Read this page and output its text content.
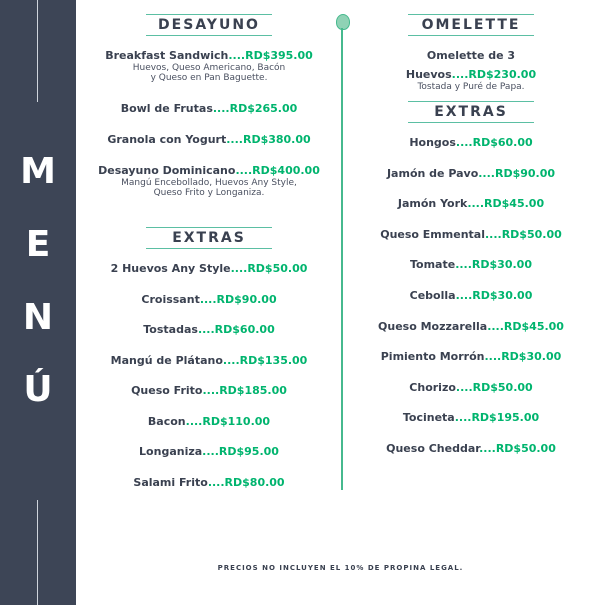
M
E
N
Ú
DESAYUNO
Breakfast Sandwich....RD$395.00
Huevos, Queso Americano, Bacón
y Queso en Pan Baguette.
Bowl de Frutas....RD$265.00
Granola con Yogurt....RD$380.00
Desayuno Dominicano....RD$400.00
Mangú Encebollado, Huevos Any Style,
Queso Frito y Longaniza.
EXTRAS
2 Huevos Any Style....RD$50.00
Croissant....RD$90.00
Tostadas....RD$60.00
Mangú de Plátano....RD$135.00
Queso Frito....RD$185.00
Bacon....RD$110.00
Longaniza....RD$95.00
Salami Frito....RD$80.00
OMELETTE
Omelette de 3 Huevos....RD$230.00
Tostada y Puré de Papa.
EXTRAS
Hongos....RD$60.00
Jamón de Pavo....RD$90.00
Jamón York....RD$45.00
Queso Emmental....RD$50.00
Tomate....RD$30.00
Cebolla....RD$30.00
Queso Mozzarella....RD$45.00
Pimiento Morrón....RD$30.00
Chorizo....RD$50.00
Tocineta....RD$195.00
Queso Cheddar....RD$50.00
PRECIOS NO INCLUYEN EL 10% DE PROPINA LEGAL.
